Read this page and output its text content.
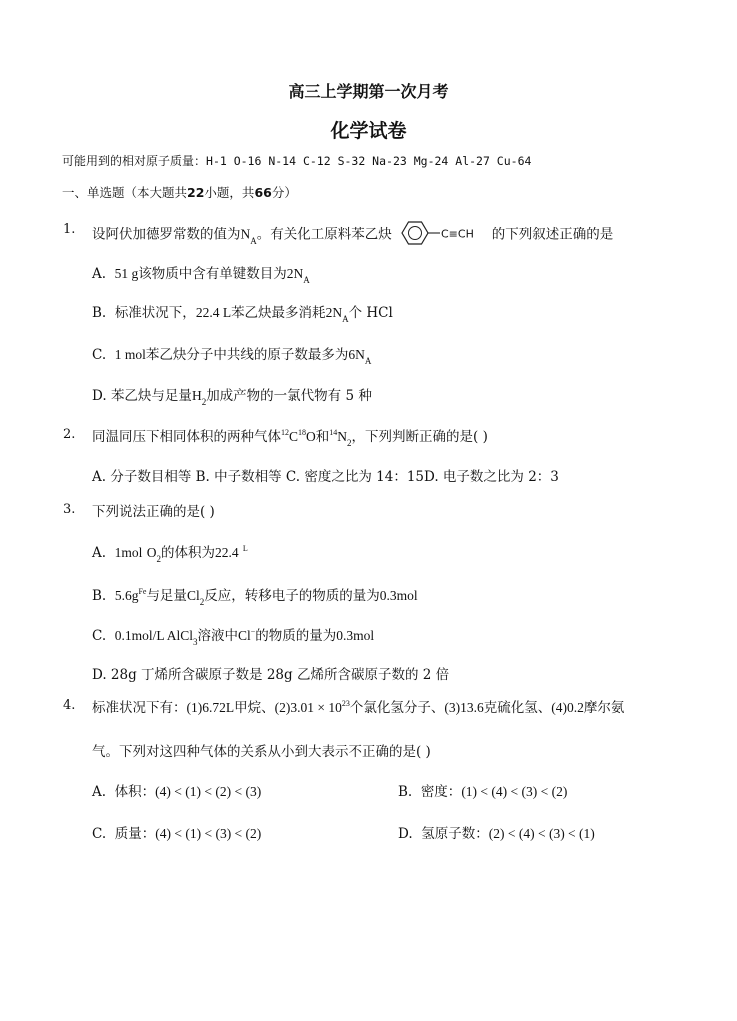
高三上学期第一次月考
化学试卷
可能用到的相对原子质量：H-1 O-16 N-14 C-12 S-32 Na-23 Mg-24 Al-27 Cu-64
一、单选题（本大题共22小题，共66分）
1. 设阿伏加德罗常数的值为$N_A$。有关化工原料苯乙炔	C≡CH 的下列叙述正确的是
A. 51 g该物质中含有单键数目为$2N_A$
B. 标准状况下，22.4 L苯乙炔最多消耗$2N_A$个 HCl
C. 1 mol苯乙炔分子中共线的原子数最多为$6N_A$
D. 苯乙炔与足量$H_2$加成产物的一氯代物有 5 种
2. 同温同压下相同体积的两种气体$^{12}C^{18}O$和$^{14}N_2$，下列判断正确的是( )
A. 分子数目相等 B. 中子数相等 C. 密度之比为 14：15D. 电子数之比为 2：3
3. 下列说法正确的是( )
A. 1mol $O_2$的体积为22.4 $^L$
B. $5.6g^{Fe}$与足量$Cl_2$反应，转移电子的物质的量为0.3mol
C. 0.1mol/L AlCl$_3$溶液中Cl−的物质的量为0.3mol
D. 28g 丁烯所含碳原子数是 28g 乙烯所含碳原子数的 2 倍
4. 标准状况下有：(1)6.72L甲烷、$(2)3.01 \times 10^{23}$个氯化氢分子、(3)13.6克硫化氢、(4)0.2摩尔氨
气。下列对这四种气体的关系从小到大表示不正确的是( )
A. 体积：(4) < (1) < (2) < (3)	B. 密度：(1) < (4) < (3) < (2)
C. 质量：(4) < (1) < (3) < (2)	D. 氢原子数：(2) < (4) < (3) < (1)
